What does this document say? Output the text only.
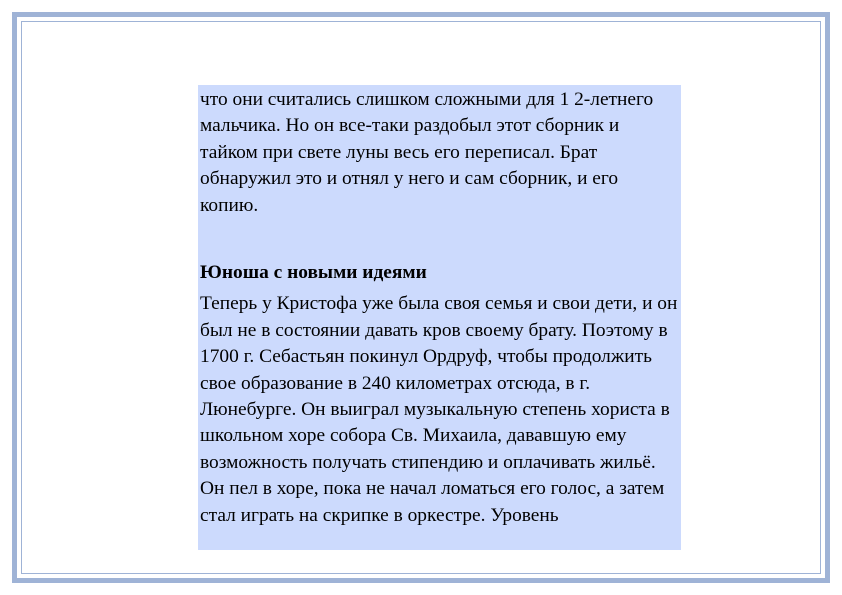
что они считались слишком сложными для 1 2-летнего мальчика. Но он все-таки раздобыл этот сборник и тайком при свете луны весь его переписал. Брат обнаружил это и отнял у него и сам сборник, и его копию.

Юноша с новыми идеями

Теперь у Кристофа уже была своя семья и свои дети, и он был не в состоянии давать кров своему брату. Поэтому в 1700 г. Себастьян покинул Ордруф, чтобы продолжить свое образование в 240 километрах отсюда, в г. Люнебурге. Он выиграл музыкальную степень хориста в школьном хоре собора Св. Михаила, дававшую ему возможность получать стипендию и оплачивать жильё. Он пел в хоре, пока не начал ломаться его голос, а затем стал играть на скрипке в оркестре. Уровень
